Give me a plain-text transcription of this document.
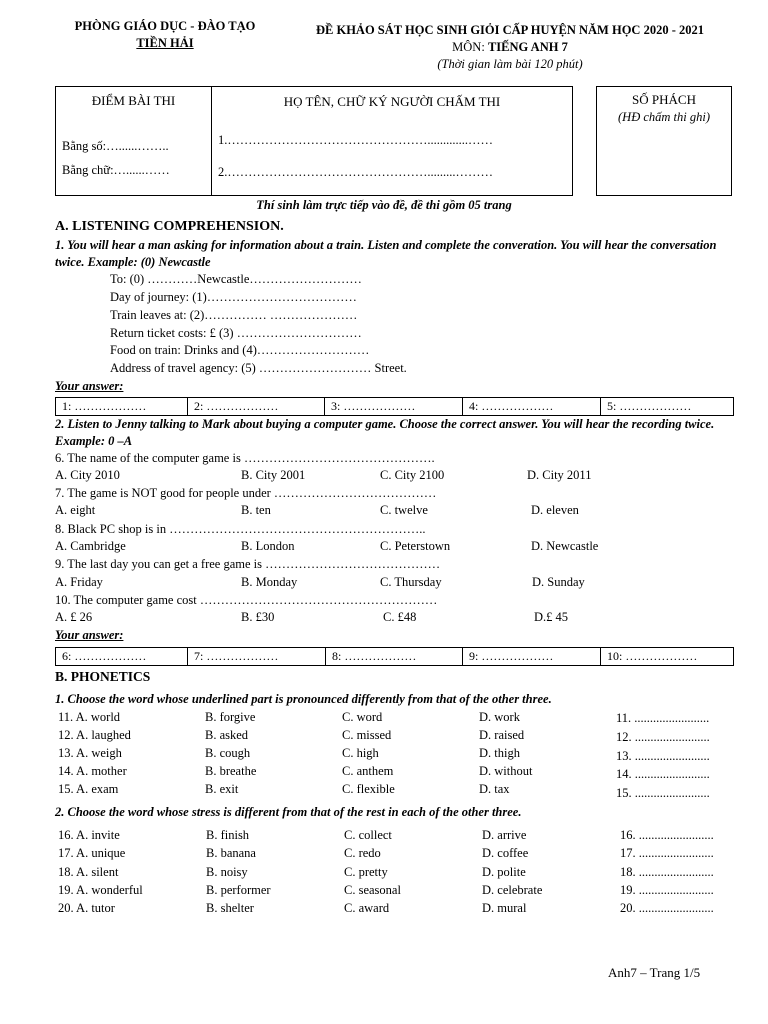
PHÒNG GIÁO DỤC - ĐÀO TẠO
TIỀN HẢI
ĐỀ KHẢO SÁT HỌC SINH GIỎI CẤP HUYỆN NĂM HỌC 2020 - 2021
MÔN: TIẾNG ANH 7
(Thời gian làm bài 120 phút)
ĐIỂM BÀI THI
Bằng số:…......……..
Bằng chữ:…......……

HỌ TÊN, CHỮ KÝ NGƯỜI CHẤM THI
1.………………………………………….............……
2.………………………………………….........………
SỐ PHÁCH
(HĐ chấm thi ghi)
Thí sinh làm trực tiếp vào đề, đề thi gồm 05 trang
A. LISTENING COMPREHENSION.
1. You will hear a man asking for information about a train. Listen and complete the converation. You will hear the conversation twice. Example: (0) Newcastle
To: (0) …………Newcastle………………………
Day of journey: (1)………………………………
Train leaves at: (2)…………… …………………
Return ticket costs: £ (3) …………………………
Food on train: Drinks and (4)………………………
Address of travel agency: (5) ……………………… Street.
Your answer:
1: ………………	2: ………………	3: ………………	4: ………………	5: ………………
2. Listen to Jenny talking to Mark about buying a computer game. Choose the correct answer. You will hear the recording twice. Example: 0 –A
6. The name of the computer game is ……………………………………….
A. City 2010	B. City 2001	C. City 2100	D. City 2011
7. The game is NOT good for people under …………………………………
A. eight	B. ten	C. twelve	D. eleven
8. Black PC shop is in ……………………………………………………..
A. Cambridge	B. London	C. Peterstown	D. Newcastle
9. The last day you can get a free game is ……………………………………
A. Friday	B. Monday	C. Thursday	D. Sunday
10. The computer game cost …………………………………………………
A. £ 26	B. £30	C. £48	D.£ 45
Your answer:
6: ………………	7: ………………	8: ………………	9: ………………	10: ………………
B. PHONETICS
1. Choose the word whose underlined part is pronounced differently from that of the other three.
11. A. world	B. forgive	C. word	D. work	11. ........................
12. A. laughed	B. asked	C. missed	D. raised	12. ........................
13. A. weigh	B. cough	C. high	D. thigh	13. ........................
14. A. mother	B. breathe	C. anthem	D. without	14. ........................
15. A. exam	B. exit	C. flexible	D. tax	15. ........................
2. Choose the word whose stress is different from that of the rest in each of the other three.
16. A. invite	B. finish	C. collect	D. arrive	16. ........................
17. A. unique	B. banana	C. redo	D. coffee	17. ........................
18. A. silent	B. noisy	C. pretty	D. polite	18. ........................
19. A. wonderful	B. performer	C. seasonal	D. celebrate	19. ........................
20. A. tutor	B. shelter	C. award	D. mural	20. ........................
Anh7 – Trang 1/5
